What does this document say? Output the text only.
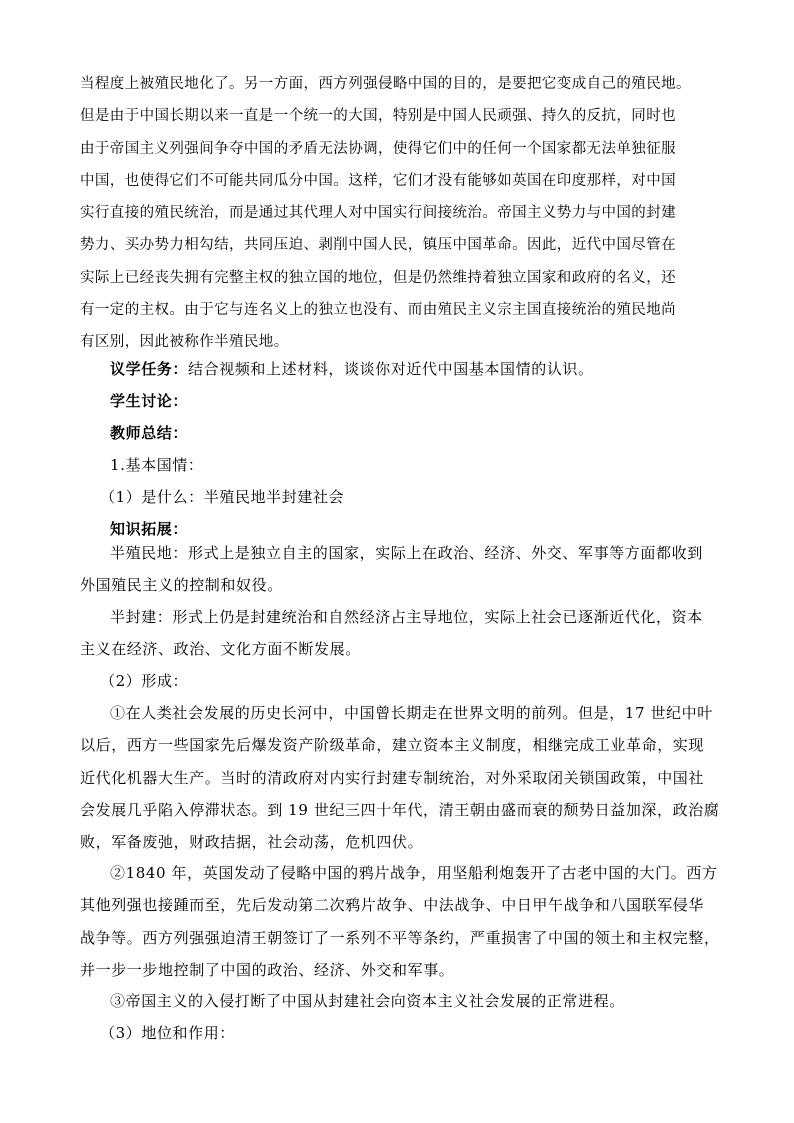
当程度上被殖民地化了。另一方面，西方列强侵略中国的目的，是要把它变成自己的殖民地。
但是由于中国长期以来一直是一个统一的大国，特别是中国人民顽强、持久的反抗，同时也
由于帝国主义列强间争夺中国的矛盾无法协调，使得它们中的任何一个国家都无法单独征服
中国，也使得它们不可能共同瓜分中国。这样，它们才没有能够如英国在印度那样，对中国
实行直接的殖民统治，而是通过其代理人对中国实行间接统治。帝国主义势力与中国的封建
势力、买办势力相勾结，共同压迫、剥削中国人民，镇压中国革命。因此，近代中国尽管在
实际上已经丧失拥有完整主权的独立国的地位，但是仍然维持着独立国家和政府的名义，还
有一定的主权。由于它与连名义上的独立也没有、而由殖民主义宗主国直接统治的殖民地尚
有区别，因此被称作半殖民地。
议学任务：结合视频和上述材料，谈谈你对近代中国基本国情的认识。
学生讨论：
教师总结：
1.基本国情：
（1）是什么：半殖民地半封建社会
知识拓展：
半殖民地：形式上是独立自主的国家，实际上在政治、经济、外交、军事等方面都收到
外国殖民主义的控制和奴役。
半封建：形式上仍是封建统治和自然经济占主导地位，实际上社会已逐渐近代化，资本
主义在经济、政治、文化方面不断发展。
（2）形成：
①在人类社会发展的历史长河中，中国曾长期走在世界文明的前列。但是，17 世纪中叶
以后，西方一些国家先后爆发资产阶级革命，建立资本主义制度，相继完成工业革命，实现
近代化机器大生产。当时的清政府对内实行封建专制统治，对外采取闭关锁国政策，中国社
会发展几乎陷入停滞状态。到 19 世纪三四十年代，清王朝由盛而衰的颓势日益加深，政治腐
败，军备废弛，财政拮据，社会动荡，危机四伏。
②1840 年，英国发动了侵略中国的鸦片战争，用坚船利炮轰开了古老中国的大门。西方
其他列强也接踵而至，先后发动第二次鸦片故争、中法战争、中日甲午战争和八国联军侵华
战争等。西方列强强迫清王朝签订了一系列不平等条约，严重损害了中国的领土和主权完整，
并一步一步地控制了中国的政治、经济、外交和军事。
③帝国主义的入侵打断了中国从封建社会向资本主义社会发展的正常进程。
（3）地位和作用：
